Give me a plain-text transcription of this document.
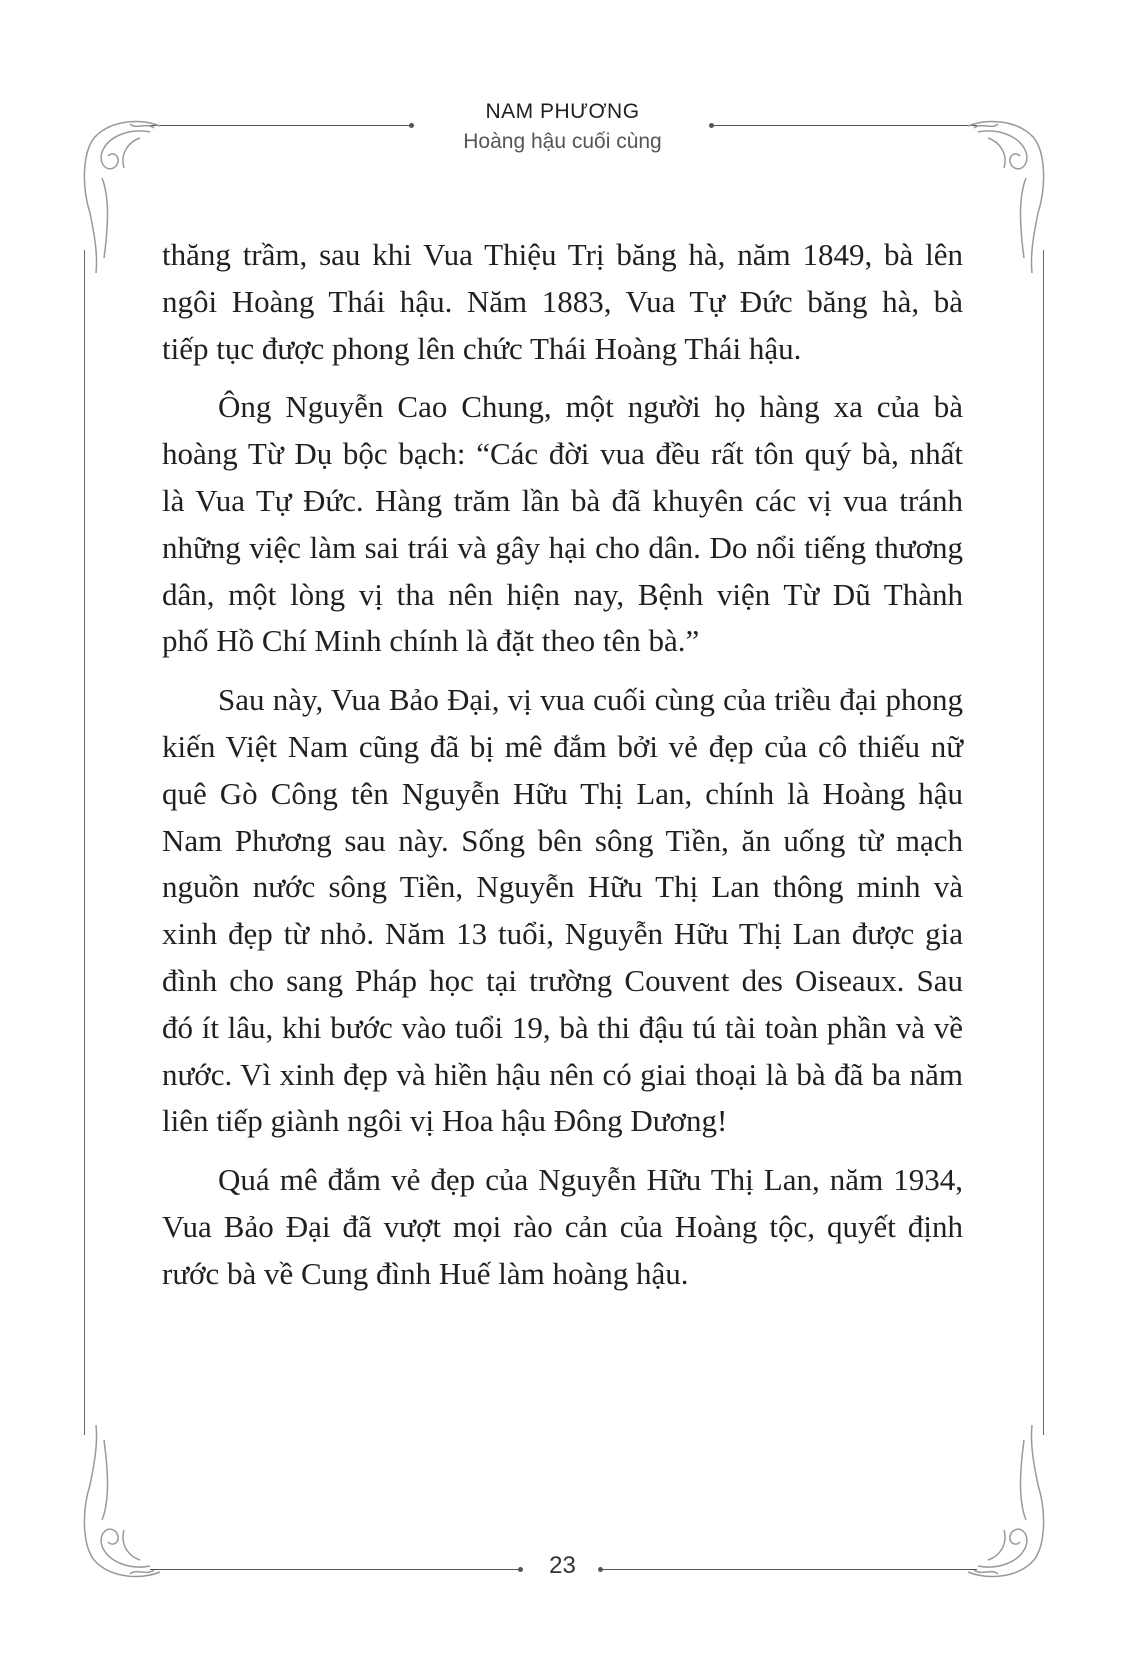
NAM PHƯƠNG
Hoàng hậu cuối cùng
thăng trầm, sau khi Vua Thiệu Trị băng hà, năm 1849, bà lên
ngôi Hoàng Thái hậu. Năm 1883, Vua Tự Đức băng hà, bà
tiếp tục được phong lên chức Thái Hoàng Thái hậu.
Ông Nguyễn Cao Chung, một người họ hàng xa của bà
hoàng Từ Dụ bộc bạch: “Các đời vua đều rất tôn quý bà, nhất
là Vua Tự Đức. Hàng trăm lần bà đã khuyên các vị vua tránh
những việc làm sai trái và gây hại cho dân. Do nổi tiếng thương
dân, một lòng vị tha nên hiện nay, Bệnh viện Từ Dũ Thành
phố Hồ Chí Minh chính là đặt theo tên bà.”
Sau này, Vua Bảo Đại, vị vua cuối cùng của triều đại phong
kiến Việt Nam cũng đã bị mê đắm bởi vẻ đẹp của cô thiếu nữ
quê Gò Công tên Nguyễn Hữu Thị Lan, chính là Hoàng hậu
Nam Phương sau này. Sống bên sông Tiền, ăn uống từ mạch
nguồn nước sông Tiền, Nguyễn Hữu Thị Lan thông minh và
xinh đẹp từ nhỏ. Năm 13 tuổi, Nguyễn Hữu Thị Lan được gia
đình cho sang Pháp học tại trường Couvent des Oiseaux. Sau
đó ít lâu, khi bước vào tuổi 19, bà thi đậu tú tài toàn phần và về
nước. Vì xinh đẹp và hiền hậu nên có giai thoại là bà đã ba năm
liên tiếp giành ngôi vị Hoa hậu Đông Dương!
Quá mê đắm vẻ đẹp của Nguyễn Hữu Thị Lan, năm 1934,
Vua Bảo Đại đã vượt mọi rào cản của Hoàng tộc, quyết định
rước bà về Cung đình Huế làm hoàng hậu.
23
